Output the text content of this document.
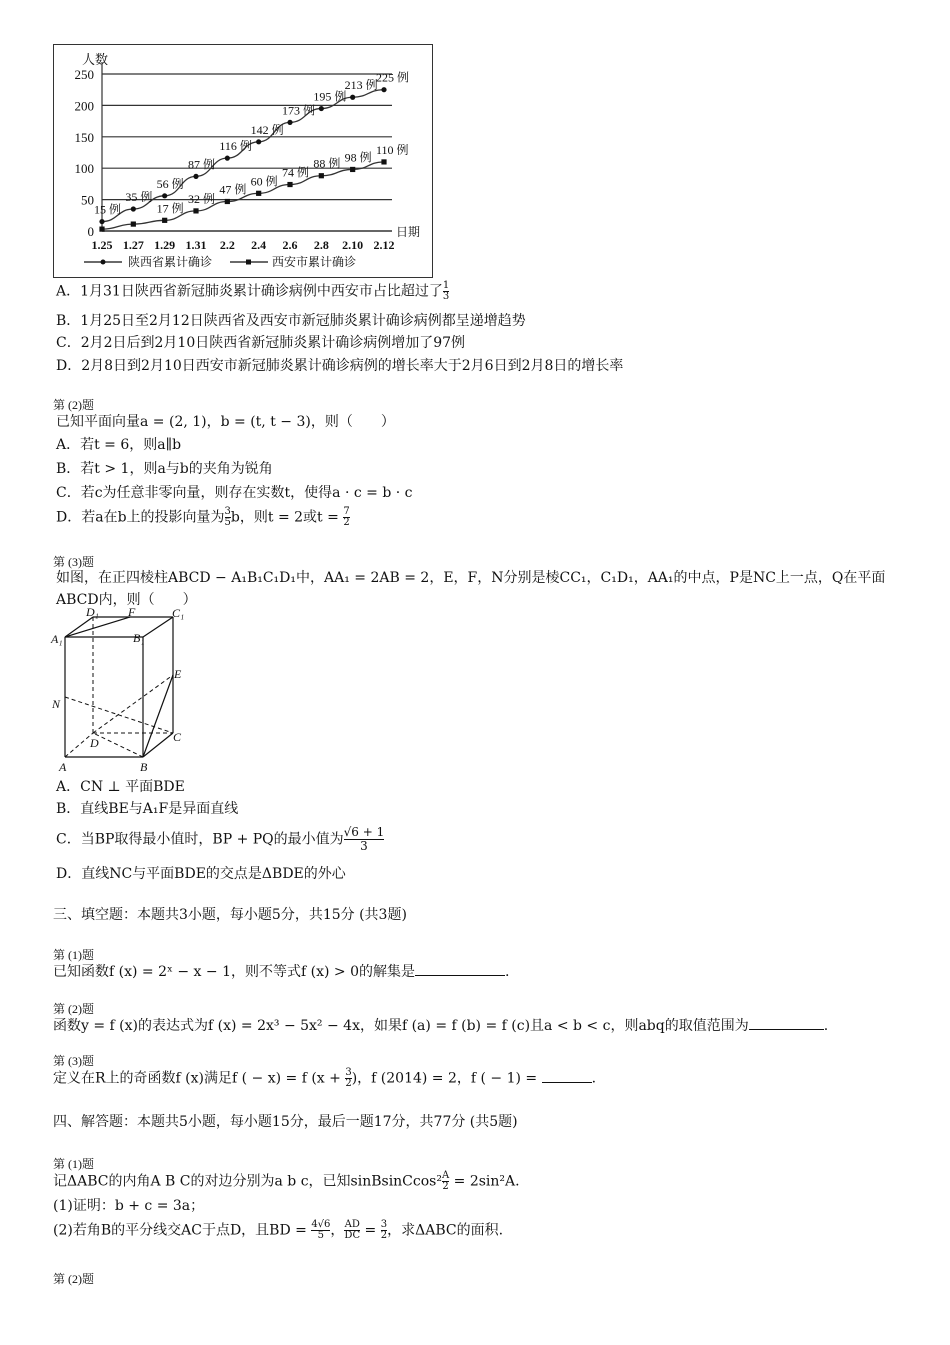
0
50
100
150
200
250
人数
日期
1.25 1.27 1.29 1.31 2.2 2.4 2.6 2.8 2.10 2.12
15 例
35 例
56 例
87 例
116 例
142 例
173 例
195 例
213 例
225 例
17 例
32 例
47 例
60 例
74 例
88 例 98 例
110 例
陕西省累计确诊	西安市累计确诊
A．1月31日陕西省新冠肺炎累计确诊病例中西安市占比超过了 $\frac{1}{3}$
B．1月25日至2月12日陕西省及西安市新冠肺炎累计确诊病例都呈递增趋势
C．2月2日后到2月10日陕西省新冠肺炎累计确诊病例增加了97例
D．2月8日到2月10日西安市新冠肺炎累计确诊病例的增长率大于2月6日到2月8日的增长率
第 (2)题
已知平面向量a = (2, 1)，b = (t, t − 3)，则（　　）
A．若t = 6，则a∥b
B．若t > 1，则a与b的夹角为锐角
C．若c为任意非零向量，则存在实数t，使得a · c = b · c
D．若a在b上的投影向量为 $\frac{3}{5}$ b，则t = 2或$t = \frac{7}{2}$
第 (3)题
如图，在正四棱柱ABCD − A₁B₁C₁D₁中，AA₁ = 2AB = 2，E，F，N分别是棱CC₁，C₁D₁，AA₁的中点，P是NC上一点，Q在平面
ABCD内，则（　　）
D₁ F	C₁
A₁	B₁
E
N
D	C
A	B
A．CN ⊥ 平面BDE
B．直线BE与A₁F是异面直线
C．当BP取得最小值时，BP + PQ的最小值为 $\frac{√6 + 1}{3}$
D．直线NC与平面BDE的交点是ΔBDE的外心
三、填空题：本题共3小题，每小题5分，共15分 (共3题)
第 (1)题
已知函数f (x) = 2ˣ − x − 1，则不等式f (x) > 0的解集是	.
第 (2)题
函数y = f (x)的表达式为f (x) = 2x³ − 5x² − 4x，如果f (a) = f (b) = f (c)且a < b < c，则abq的取值范围为	.
第 (3)题
定义在R上的奇函数f (x)满足f ( − x) = f ($x + \frac{3}{2}$ )，f (2014) = 2，f ( − 1) =	.
四、解答题：本题共5小题，每小题15分，最后一题17分，共77分 (共5题)
第 (1)题
记ΔABC的内角A B C的对边分别为a b c，已知sinBsinCcos² $\frac{A}{2} = 2\sin^2A$.
(1)证明：b + c = 3a；
(2)若角B的平分线交AC于点D，且BD = $\frac{4√6}{5}$ ， $\frac{AD}{DC} = \frac{3}{2}$ ，求ΔABC的面积.
第 (2)题
